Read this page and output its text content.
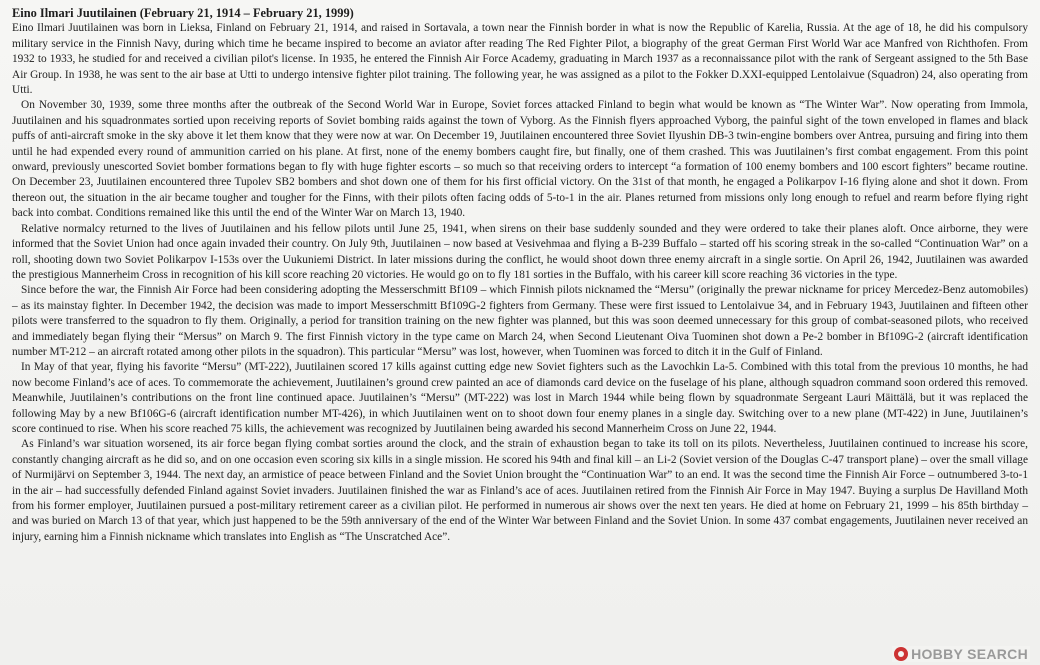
Eino Ilmari Juutilainen (February 21, 1914 – February 21, 1999)

Eino Ilmari Juutilainen was born in Lieksa, Finland on February 21, 1914, and raised in Sortavala, a town near the Finnish border in what is now the Republic of Karelia, Russia. At the age of 18, he did his compulsory military service in the Finnish Navy, during which time he became inspired to become an aviator after reading The Red Fighter Pilot, a biography of the great German First World War ace Manfred von Richthofen. From 1932 to 1933, he studied for and received a civilian pilot's license. In 1935, he entered the Finnish Air Force Academy, graduating in March 1937 as a reconnaissance pilot with the rank of Sergeant assigned to the 5th Base Air Group. In 1938, he was sent to the air base at Utti to undergo intensive fighter pilot training. The following year, he was assigned as a pilot to the Fokker D.XXI-equipped Lentolaivue (Squadron) 24, also operating from Utti.

On November 30, 1939, some three months after the outbreak of the Second World War in Europe, Soviet forces attacked Finland to begin what would be known as “The Winter War”. Now operating from Immola, Juutilainen and his squadronmates sortied upon receiving reports of Soviet bombing raids against the town of Vyborg. As the Finnish flyers approached Vyborg, the painful sight of the town enveloped in flames and black puffs of anti-aircraft smoke in the sky above it let them know that they were now at war. On December 19, Juutilainen encountered three Soviet Ilyushin DB-3 twin-engine bombers over Antrea, pursuing and firing into them until he had expended every round of ammunition carried on his plane. At first, none of the enemy bombers caught fire, but finally, one of them crashed. This was Juutilainen’s first combat engagement. From this point onward, previously unescorted Soviet bomber formations began to fly with huge fighter escorts – so much so that receiving orders to intercept “a formation of 100 enemy bombers and 100 escort fighters” became routine. On December 23, Juutilainen encountered three Tupolev SB2 bombers and shot down one of them for his first official victory. On the 31st of that month, he engaged a Polikarpov I-16 flying alone and shot it down. From thereon out, the situation in the air became tougher and tougher for the Finns, with their pilots often facing odds of 5-to-1 in the air. Planes returned from missions only long enough to refuel and rearm before flying right back into combat. Conditions remained like this until the end of the Winter War on March 13, 1940.

Relative normalcy returned to the lives of Juutilainen and his fellow pilots until June 25, 1941, when sirens on their base suddenly sounded and they were ordered to take their planes aloft. Once airborne, they were informed that the Soviet Union had once again invaded their country. On July 9th, Juutilainen – now based at Vesivehmaa and flying a B-239 Buffalo – started off his scoring streak in the so-called “Continuation War” on a roll, shooting down two Soviet Polikarpov I-153s over the Uukuniemi District. In later missions during the conflict, he would shoot down three enemy aircraft in a single sortie. On April 26, 1942, Juutilainen was awarded the prestigious Mannerheim Cross in recognition of his kill score reaching 20 victories. He would go on to fly 181 sorties in the Buffalo, with his career kill score reaching 36 victories in the type.

Since before the war, the Finnish Air Force had been considering adopting the Messerschmitt Bf109 – which Finnish pilots nicknamed the “Mersu” (originally the prewar nickname for pricey Mercedez-Benz automobiles) – as its mainstay fighter. In December 1942, the decision was made to import Messerschmitt Bf109G-2 fighters from Germany. These were first issued to Lentolaivue 34, and in February 1943, Juutilainen and fifteen other pilots were transferred to the squadron to fly them. Originally, a period for transition training on the new fighter was planned, but this was soon deemed unnecessary for this group of combat-seasoned pilots, who received and immediately began flying their “Mersus” on March 9. The first Finnish victory in the type came on March 24, when Second Lieutenant Oiva Tuominen shot down a Pe-2 bomber in Bf109G-2 (aircraft identification number MT-212 – an aircraft rotated among other pilots in the squadron). This particular “Mersu” was lost, however, when Tuominen was forced to ditch it in the Gulf of Finland.

In May of that year, flying his favorite “Mersu” (MT-222), Juutilainen scored 17 kills against cutting edge new Soviet fighters such as the Lavochkin La-5. Combined with this total from the previous 10 months, he had now become Finland’s ace of aces. To commemorate the achievement, Juutilainen’s ground crew painted an ace of diamonds card device on the fuselage of his plane, although squadron command soon ordered this removed. Meanwhile, Juutilainen’s contributions on the front line continued apace. Juutilainen’s “Mersu” (MT-222) was lost in March 1944 while being flown by squadronmate Sergeant Lauri Mäittälä, but it was replaced the following May by a new Bf106G-6 (aircraft identification number MT-426), in which Juutilainen went on to shoot down four enemy planes in a single day. Switching over to a new plane (MT-422) in June, Juutilainen’s score continued to rise. When his score reached 75 kills, the achievement was recognized by Juutilainen being awarded his second Mannerheim Cross on June 22, 1944.

As Finland’s war situation worsened, its air force began flying combat sorties around the clock, and the strain of exhaustion began to take its toll on its pilots. Nevertheless, Juutilainen continued to increase his score, constantly changing aircraft as he did so, and on one occasion even scoring six kills in a single mission. He scored his 94th and final kill – an Li-2 (Soviet version of the Douglas C-47 transport plane) – over the small village of Nurmijärvi on September 3, 1944. The next day, an armistice of peace between Finland and the Soviet Union brought the “Continuation War” to an end. It was the second time the Finnish Air Force – outnumbered 3-to-1 in the air – had successfully defended Finland against Soviet invaders. Juutilainen finished the war as Finland’s ace of aces. Juutilainen retired from the Finnish Air Force in May 1947. Buying a surplus De Havilland Moth from his former employer, Juutilainen pursued a post-military retirement career as a civilian pilot. He performed in numerous air shows over the next ten years. He died at home on February 21, 1999 – his 85th birthday – and was buried on March 13 of that year, which just happened to be the 59th anniversary of the end of the Winter War between Finland and the Soviet Union. In some 437 combat engagements, Juutilainen never received an injury, earning him a Finnish nickname which translates into English as “The Unscratched Ace”.

HOBBY SEARCH
